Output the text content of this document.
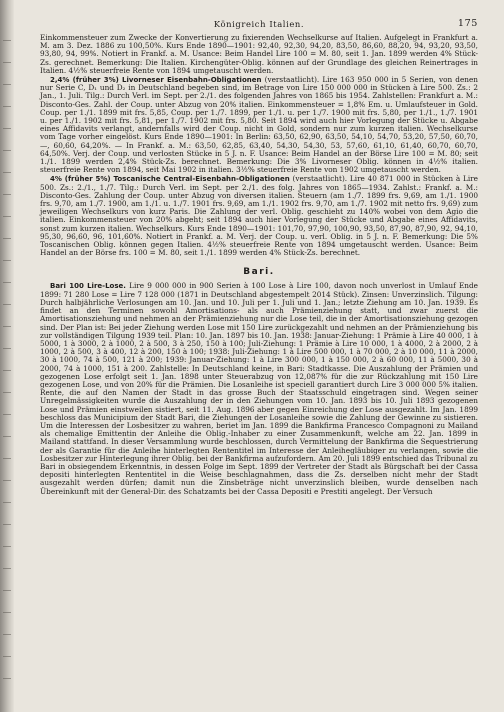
Königreich Italien.	175

Einkommensteuer zum Zwecke der Konvertierung zu fixierenden Wechselkurse auf Italien. Aufgelegt in Frankfurt a. M. am 3. Dez. 1886 zu 100,50%. Kurs Ende 1890—1901: 92,40, 92,30, 94,20, 83,50, 86,60, 88,20, 94, 93,20, 93,50, 93,80, 94, 99%. Notiert in Frankf. a. M. Usance: Beim Handel Lire 100 = M. 80, seit 1. Jan. 1899 werden 4% Stück-Zs. gerechnet. Bemerkung: Die Italien. Kirchengüter-Oblig. können auf der Grundlage des gleichen Reinertrages in Italien. 4½% steuerfreie Rente von 1894 umgetauscht werden.

2,4% (früher 3%) Livorneser Eisenbahn-Obligationen (verstaatlicht). Lire 163 950 000 in 5 Serien, von denen nur Serie C, D₁ und D₂ in Deutschland begeben sind, im Betrage von Lire 150 000 000 in Stücken à Lire 500. Zs.: 2 Jan., 1. Juli. Tilg.: Durch Verl. im Sept. per 2./1. des folgenden Jahres von 1865 bis 1954. Zahlstellen: Frankfurt a. M.: Disconto-Ges. Zahl. der Coup. unter Abzug von 20% italien. Einkommensteuer = 1,8% Em. u. Umlaufsteuer in Gold. Coup. per 1./1. 1899 mit frs. 5,85, Coup. per 1./7. 1899, per 1./1. u. per 1./7. 1900 mit frs. 5,80, per 1./1., 1./7. 1901 u. per 1./1. 1902 mit frs. 5,81, per 1./7. 1902 mit frs. 5,80. Seit 1894 wird auch hier Vorlegung der Stücke u. Abgabe eines Affidavits verlangt, andernfalls wird der Coup. nicht in Gold, sondern nur zum kurzen italien. Wechselkurse vom Tage vorher eingelöst. Kurs Ende 1890—1901: In Berlin: 63,50, 62,90, 63,50, 54,10, 54,70, 53,20, 57,50, 60,70, —, 60,60, 64,20%. — In Frankf. a. M.: 63,50, 62,85, 63,40, 54,30, 54,30, 53, 57,60, 61,10, 61,40, 60,70, 60,70, 64,50%. Verj. der Coup. und verlosten Stücke in 5 J. n. F. Usance: Beim Handel an der Börse Lire 100 = M. 80; seit 1./1. 1899 werden 2,4% Stück-Zs. berechnet. Bemerkung: Die 3% Livorneser Oblig. können in 4½% italien. steuerfreie Rente von 1894, seit Mai 1902 in italien. 3½% steuerfreie Rente von 1902 umgetauscht werden.

4% (früher 5%) Toscanische Central-Eisenbahn-Obligationen (verstaatlicht). Lire 40 871 000 in Stücken à Lire 500. Zs.: 2./1., 1./7. Tilg.: Durch Verl. im Sept. per 2./1. des folg. Jahres von 1865—1934. Zahlst.: Frankf. a. M.: Disconto-Ges. Zahlung der Coup. unter Abzug von diversen italien. Steuern (am 1./7. 1899 frs. 9,69, am 1./1. 1900 frs. 9,70, am 1./7. 1900, am 1./1. u. 1./7. 1901 frs. 9,69, am 1./1. 1902 frs. 9,70, am 1./7. 1902 mit netto frs. 9,69) zum jeweiligen Wechselkurs von kurz Paris. Die Zahlung der verl. Oblig. geschieht zu 140% wobei von dem Agio die italien. Einkommensteuer von 20% abgeht; seit 1894 auch hier Vorlegung der Stücke und Abgabe eines Affidavits, sonst zum kurzen italien. Wechselkurs. Kurs Ende 1890—1901: 101,70, 97,90, 100,90, 93,50, 87,90, 87,90, 92, 94,10, 95,30, 96,60, 96, 101,60%. Notiert in Frankf. a. M. Verj. der Coup. u. verl. Oblig. in 5 J. n. F. Bemerkung: Die 5% Toscanischen Oblig. können gegen Italien. 4½% steuerfreie Rente von 1894 umgetauscht werden. Usance: Beim Handel an der Börse frs. 100 = M. 80, seit 1./1. 1899 werden 4% Stück-Zs. berechnet.

Bari.

Bari 100 Lire-Lose. Lire 9 000 000 in 900 Serien à 100 Lose à Lire 100, davon noch unverlost in Umlauf Ende 1899: 71 280 Lose = Lire 7 128 000 (1871 in Deutschland abgestempelt 2014 Stück). Zinsen: Unverzinslich. Tilgung: Durch halbjährliche Verlosungen am 10. Jan. und 10. Juli per 1. Juli und 1. Jan.; letzte Ziehung am 10. Jan. 1939. Es findet an den Terminen sowohl Amortisations- als auch Prämienziehung statt, und zwar zuerst die Amortisationsziehung und nehmen an der Prämienziehung nur die Lose teil, die in der Amortisationsziehung gezogen sind. Der Plan ist: Bei jeder Ziehung werden Lose mit 150 Lire zurückgezahlt und nehmen an der Prämienziehung bis zur vollständigen Tilgung 1939 teil. Plan: 10. Jan. 1897 bis 10. Jan. 1938: Januar-Ziehung: 1 Prämie à Lire 40 000, 1 à 5000, 1 à 3000, 2 à 1000, 2 à 500, 3 à 250, 150 à 100; Juli-Ziehung: 1 Prämie à Lire 10 000, 1 à 4000, 2 à 2000, 2 à 1000, 2 à 500, 3 à 400, 12 à 200, 150 à 100; 1938: Juli-Ziehung: 1 à Lire 500 000, 1 à 70 000, 2 à 10 000, 11 à 2000, 30 à 1000, 74 à 500, 121 à 200; 1939: Januar-Ziehung: 1 à Lire 300 000, 1 à 150 000, 2 à 60 000, 11 à 5000, 30 à 2000, 74 à 1000, 151 à 200. Zahlstelle: In Deutschland keine, in Bari: Stadtkasse. Die Auszahlung der Prämien und gezogenen Lose erfolgt seit 1. Jan. 1898 unter Steuerabzug von 12,087% für die zur Rückzahlung mit 150 Lire gezogenen Lose, und von 20% für die Prämien. Die Losanleihe ist speciell garantiert durch Lire 3 000 000 5% italien. Rente, die auf den Namen der Stadt in das grosse Buch der Staatsschuld eingetragen sind. Wegen seiner Unregelmässigkeiten wurde die Auszahlung der in den Ziehungen vom 10. Jan. 1893 bis 10. Juli 1893 gezogenen Lose und Prämien einstweilen sistiert, seit 11. Aug. 1896 aber gegen Einreichung der Lose ausgezahlt. Im Jan. 1899 beschloss das Municipium der Stadt Bari, die Ziehungen der Losanleihe sowie die Zahlung der Gewinne zu sistieren. Um die Interessen der Losbesitzer zu wahren, beriet im Jan. 1899 die Bankfirma Francesco Compagnoni zu Mailand als chemalige Emittentin der Anleihe die Oblig.-Inhaber zu einer Zusammenkunft, welche am 22. Jan. 1899 in Mailand stattfand. In dieser Versammlung wurde beschlossen, durch Vermittelung der Bankfirma die Sequestrierung der als Garantie für die Anleihe hinterlegten Rententitel im Interesse der Anleihegläubiger zu verlangen, sowie die Losbesitzer zur Hinterlegung ihrer Oblig. bei der Bankfirma aufzufordern. Am 20. Juli 1899 entschied das Tribunal zu Bari in obsiegendem Erkenntnis, in dessen Folge im Sept. 1899 der Vertreter der Stadt als Bürgschaft bei der Cassa depositi hinterlegten Rententitel in die Weise beschlagnahmen, dass die Zs. derselben nicht mehr der Stadt ausgezahlt werden dürfen; damit nun die Zinsbeträge nicht unverzinslich bleiben, wurde denselben nach Übereinkunft mit der General-Dir. des Schatzamts bei der Cassa Depositi e Prestiti angelegt. Der Versuch
